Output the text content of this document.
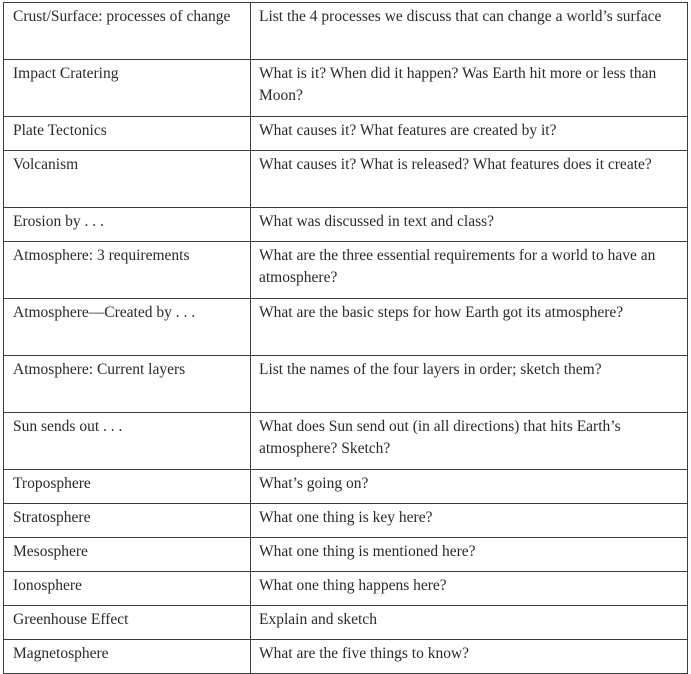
Crust/Surface: processes of change	List the 4 processes we discuss that can change a world’s surface
Impact Cratering	What is it? When did it happen? Was Earth hit more or less than Moon?
Plate Tectonics	What causes it? What features are created by it?
Volcanism	What causes it? What is released? What features does it create?
Erosion by . . .	What was discussed in text and class?
Atmosphere: 3 requirements	What are the three essential requirements for a world to have an atmosphere?
Atmosphere—Created by . . .	What are the basic steps for how Earth got its atmosphere?
Atmosphere: Current layers	List the names of the four layers in order; sketch them?
Sun sends out . . .	What does Sun send out (in all directions) that hits Earth’s atmosphere? Sketch?
Troposphere	What’s going on?
Stratosphere	What one thing is key here?
Mesosphere	What one thing is mentioned here?
Ionosphere	What one thing happens here?
Greenhouse Effect	Explain and sketch
Magnetosphere	What are the five things to know?
